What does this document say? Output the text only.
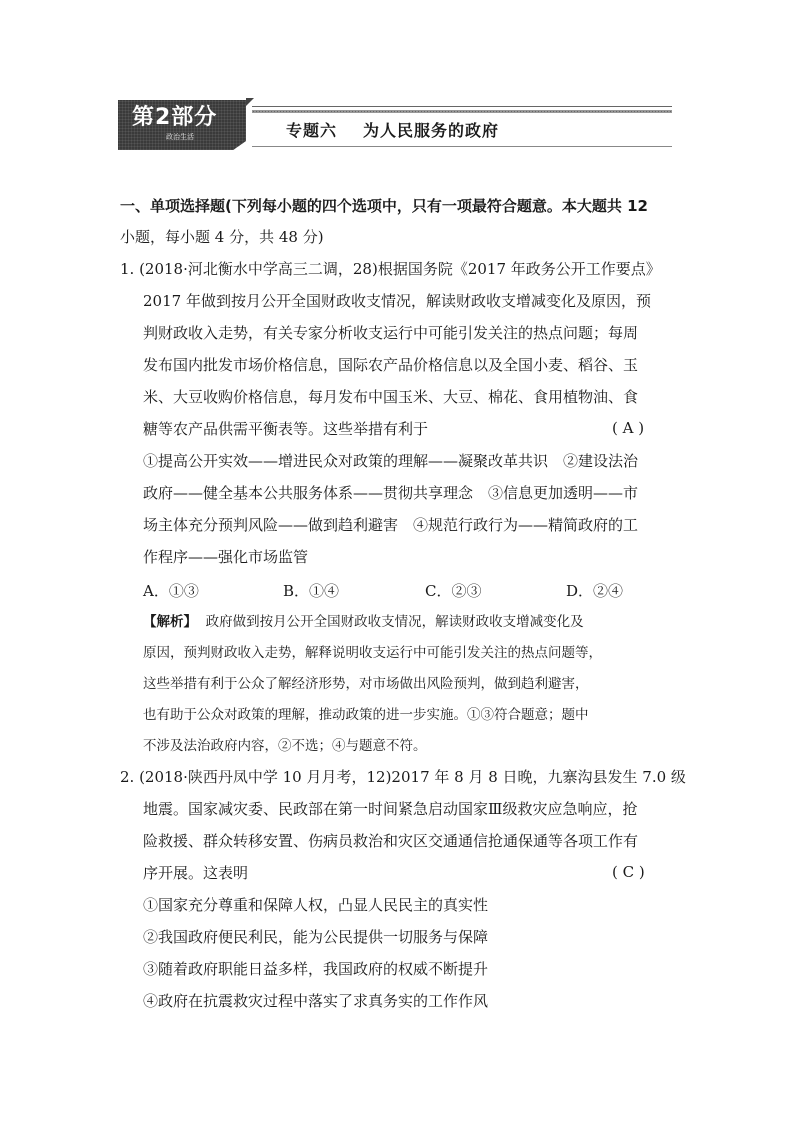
第2部分
政治生活	专题六 为人民服务的政府
一、单项选择题(下列每小题的四个选项中，只有一项最符合题意。本大题共 12
小题，每小题 4 分，共 48 分)
1. (2018·河北衡水中学高三二调，28)根据国务院《2017 年政务公开工作要点》
2017 年做到按月公开全国财政收支情况，解读财政收支增减变化及原因，预
判财政收入走势，有关专家分析收支运行中可能引发关注的热点问题；每周
发布国内批发市场价格信息，国际农产品价格信息以及全国小麦、稻谷、玉
米、大豆收购价格信息，每月发布中国玉米、大豆、棉花、食用植物油、食
糖等农产品供需平衡表等。这些举措有利于	( A )
①提高公开实效——增进民众对政策的理解——凝聚改革共识　②建设法治
政府——健全基本公共服务体系——贯彻共享理念　③信息更加透明——市
场主体充分预判风险——做到趋利避害　④规范行政行为——精简政府的工
作程序——强化市场监管
A．①③	B．①④	C．②③	D．②④
【解析】 政府做到按月公开全国财政收支情况，解读财政收支增减变化及
原因，预判财政收入走势，解释说明收支运行中可能引发关注的热点问题等，
这些举措有利于公众了解经济形势，对市场做出风险预判，做到趋利避害，
也有助于公众对政策的理解，推动政策的进一步实施。①③符合题意；题中
不涉及法治政府内容，②不选；④与题意不符。
2. (2018·陕西丹凤中学 10 月月考，12)2017 年 8 月 8 日晚，九寨沟县发生 7.0 级
地震。国家减灾委、民政部在第一时间紧急启动国家Ⅲ级救灾应急响应，抢
险救援、群众转移安置、伤病员救治和灾区交通通信抢通保通等各项工作有
序开展。这表明	( C )
①国家充分尊重和保障人权，凸显人民民主的真实性
②我国政府便民利民，能为公民提供一切服务与保障
③随着政府职能日益多样，我国政府的权威不断提升
④政府在抗震救灾过程中落实了求真务实的工作作风
